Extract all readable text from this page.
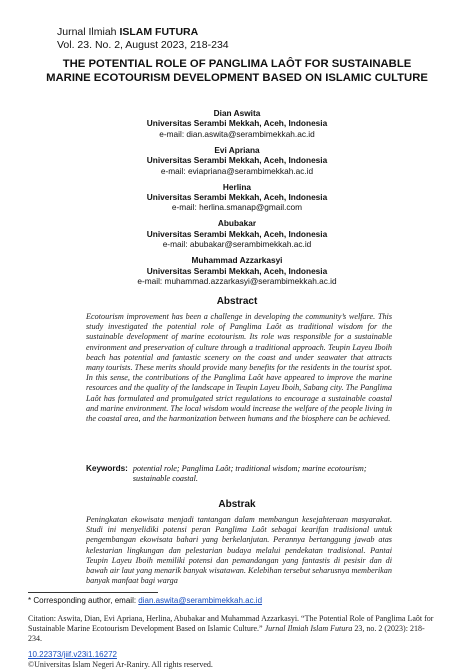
Jurnal Ilmiah ISLAM FUTURA
Vol. 23. No. 2, August 2023, 218-234
THE POTENTIAL ROLE OF PANGLIMA LAÔT FOR SUSTAINABLE MARINE ECOTOURISM DEVELOPMENT BASED ON ISLAMIC CULTURE
Dian Aswita
Universitas Serambi Mekkah, Aceh, Indonesia
e-mail: dian.aswita@serambimekkah.ac.id
Evi Apriana
Universitas Serambi Mekkah, Aceh, Indonesia
e-mail: eviapriana@serambimekkah.ac.id
Herlina
Universitas Serambi Mekkah, Aceh, Indonesia
e-mail: herlina.smanap@gmail.com
Abubakar
Universitas Serambi Mekkah, Aceh, Indonesia
e-mail: abubakar@serambimekkah.ac.id
Muhammad Azzarkasyi
Universitas Serambi Mekkah, Aceh, Indonesia
e-mail: muhammad.azzarkasyi@serambimekkah.ac.id
Abstract
Ecotourism improvement has been a challenge in developing the community’s welfare. This study investigated the potential role of Panglima Laôt as traditional wisdom for the sustainable development of marine ecotourism. Its role was responsible for a sustainable environment and preservation of culture through a traditional approach. Teupin Layeu Iboih beach has potential and fantastic scenery on the coast and under seawater that attracts many tourists. These merits should provide many benefits for the residents in the tourist spot. In this sense, the contributions of the Panglima Laôt have appeared to improve the marine resources and the quality of the landscape in Teupin Layeu Iboih, Sabang city. The Panglima Laôt has formulated and promulgated strict regulations to encourage a sustainable coastal and marine environment. The local wisdom would increase the welfare of the people living in the coastal area, and the harmonization between humans and the biosphere can be achieved.
Keywords: potential role; Panglima Laôt; traditional wisdom; marine ecotourism; sustainable coastal.
Abstrak
Peningkatan ekowisata menjadi tantangan dalam membangun kesejahteraan masyarakat. Studi ini menyelidiki potensi peran Panglima Laôt sebagai kearifan tradisional untuk pengembangan ekowisata bahari yang berkelanjutan. Perannya bertanggung jawab atas kelestarian lingkungan dan pelestarian budaya melalui pendekatan tradisional. Pantai Teupin Layeu Iboih memiliki potensi dan pemandangan yang fantastis di pesisir dan di bawah air laut yang menarik banyak wisatawan. Kelebihan tersebut seharusnya memberikan banyak manfaat bagi warga
* Corresponding author, email: dian.aswita@serambimekkah.ac.id
Citation: Aswita, Dian, Evi Apriana, Herlina, Abubakar and Muhammad Azzarkasyi. “The Potential Role of Panglima Laôt for Sustainable Marine Ecotourism Development Based on Islamic Culture.” Jurnal Ilmiah Islam Futura 23, no. 2 (2023): 218-234.
10.22373/jiif.v23i1.16272
©Universitas Islam Negeri Ar-Raniry. All rights reserved.
